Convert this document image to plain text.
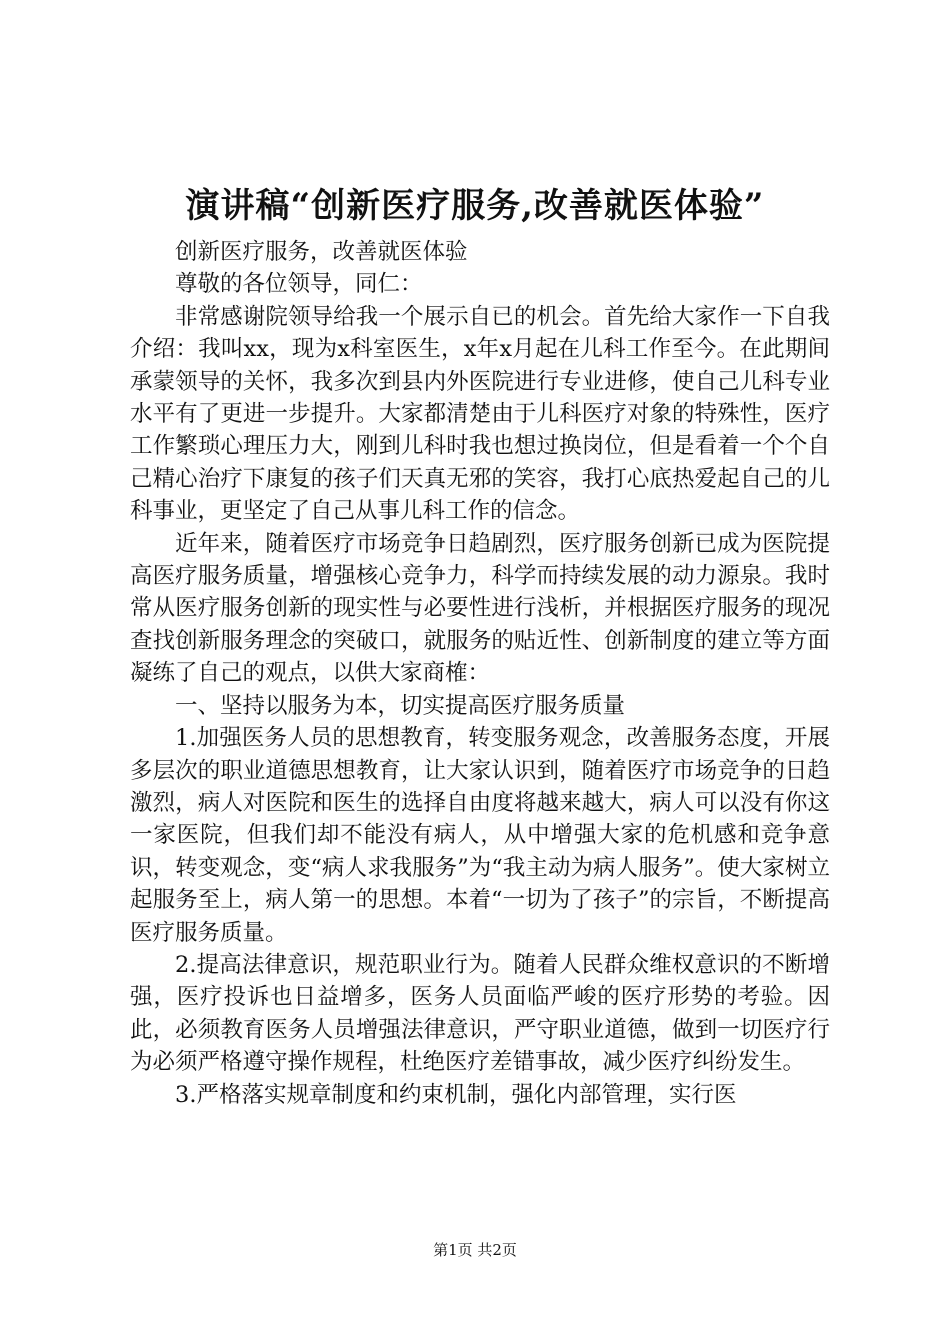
演讲稿“创新医疗服务,改善就医体验”

创新医疗服务，改善就医体验

尊敬的各位领导，同仁：

非常感谢院领导给我一个展示自已的机会。首先给大家作一下自我介绍：我叫xx，现为x科室医生，x年x月起在儿科工作至今。在此期间承蒙领导的关怀，我多次到县内外医院进行专业进修，使自己儿科专业水平有了更进一步提升。大家都清楚由于儿科医疗对象的特殊性，医疗工作繁琐心理压力大，刚到儿科时我也想过换岗位，但是看着一个个自己精心治疗下康复的孩子们天真无邪的笑容，我打心底热爱起自己的儿科事业，更坚定了自己从事儿科工作的信念。

近年来，随着医疗市场竞争日趋剧烈，医疗服务创新已成为医院提高医疗服务质量，增强核心竞争力，科学而持续发展的动力源泉。我时常从医疗服务创新的现实性与必要性进行浅析，并根据医疗服务的现况查找创新服务理念的突破口，就服务的贴近性、创新制度的建立等方面凝练了自己的观点，以供大家商榷：

一、坚持以服务为本，切实提高医疗服务质量

1.加强医务人员的思想教育，转变服务观念，改善服务态度，开展多层次的职业道德思想教育，让大家认识到，随着医疗市场竞争的日趋激烈，病人对医院和医生的选择自由度将越来越大，病人可以没有你这一家医院，但我们却不能没有病人，从中增强大家的危机感和竞争意识，转变观念，变“病人求我服务”为“我主动为病人服务”。使大家树立起服务至上，病人第一的思想。本着“一切为了孩子”的宗旨，不断提高医疗服务质量。

2.提高法律意识，规范职业行为。随着人民群众维权意识的不断增强，医疗投诉也日益增多，医务人员面临严峻的医疗形势的考验。因此，必须教育医务人员增强法律意识，严守职业道德，做到一切医疗行为必须严格遵守操作规程，杜绝医疗差错事故，减少医疗纠纷发生。

3.严格落实规章制度和约束机制，强化内部管理，实行医

第1页 共2页
